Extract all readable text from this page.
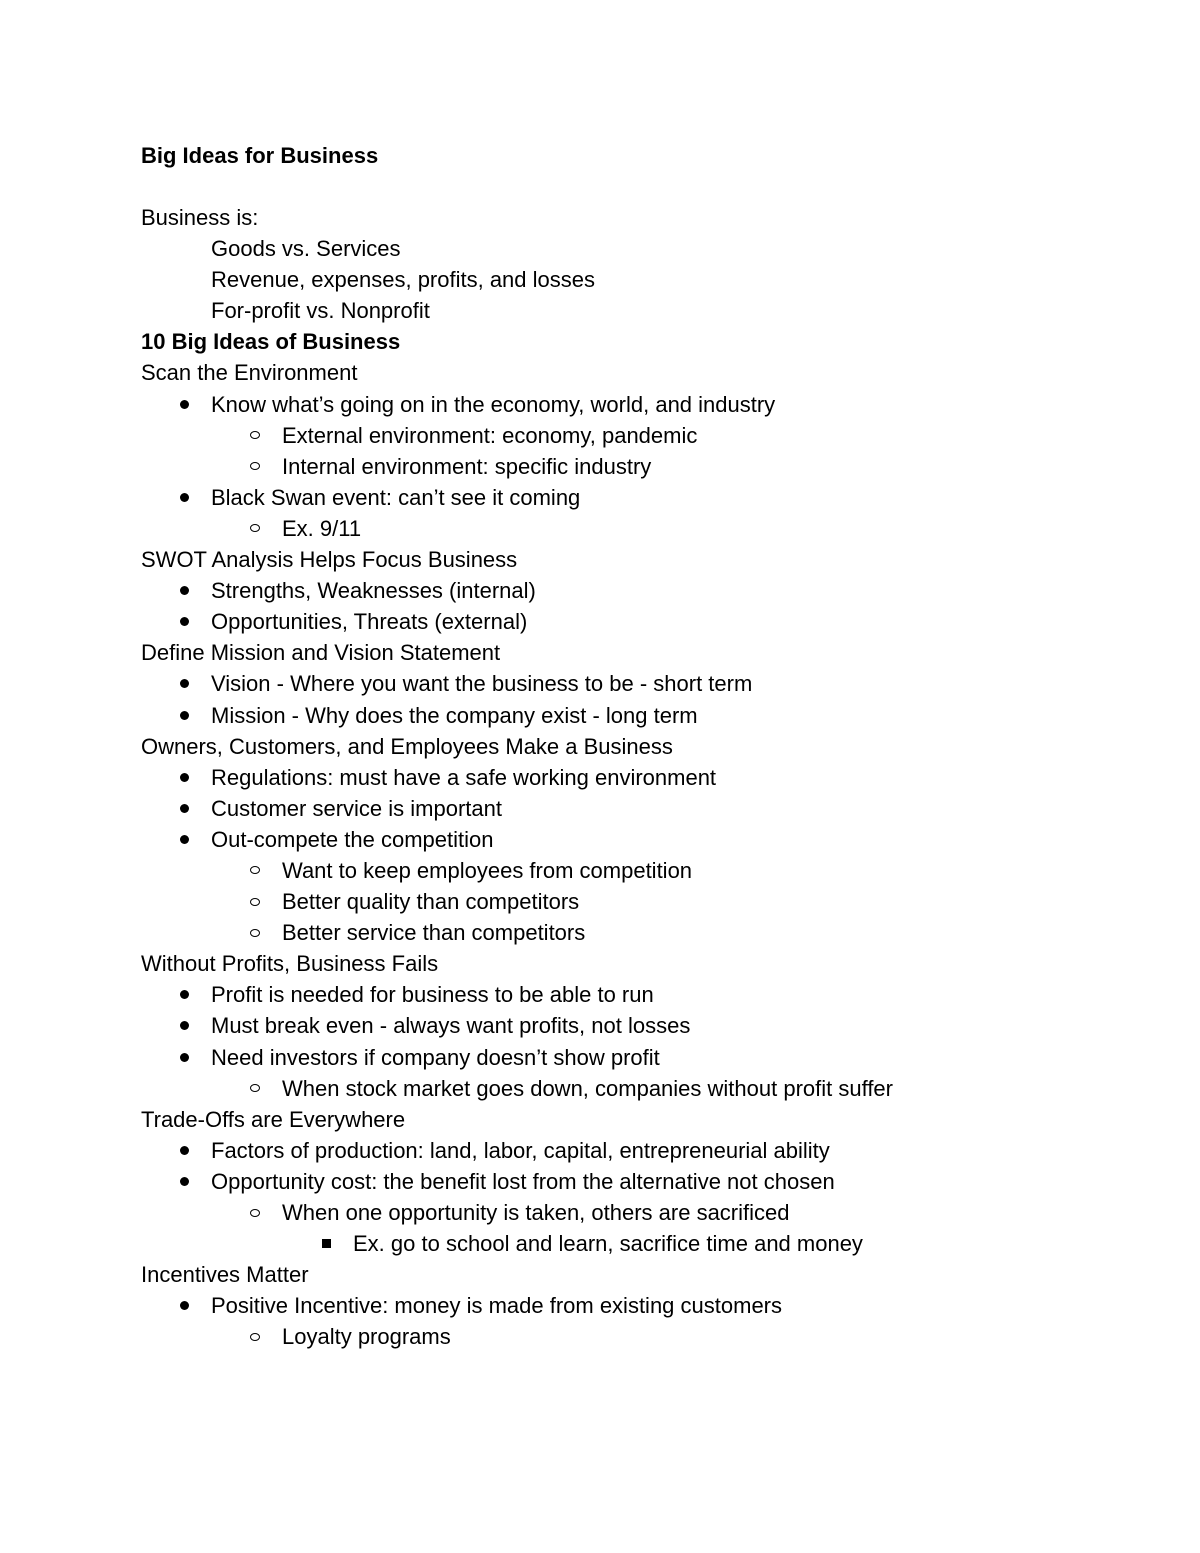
Big Ideas for Business
Business is:
Goods vs. Services
Revenue, expenses, profits, and losses
For-profit vs. Nonprofit
10 Big Ideas of Business
Scan the Environment
Know what’s going on in the economy, world, and industry
External environment: economy, pandemic
Internal environment: specific industry
Black Swan event: can’t see it coming
Ex. 9/11
SWOT Analysis Helps Focus Business
Strengths, Weaknesses (internal)
Opportunities, Threats (external)
Define Mission and Vision Statement
Vision - Where you want the business to be - short term
Mission - Why does the company exist - long term
Owners, Customers, and Employees Make a Business
Regulations: must have a safe working environment
Customer service is important
Out-compete the competition
Want to keep employees from competition
Better quality than competitors
Better service than competitors
Without Profits, Business Fails
Profit is needed for business to be able to run
Must break even - always want profits, not losses
Need investors if company doesn’t show profit
When stock market goes down, companies without profit suffer
Trade-Offs are Everywhere
Factors of production: land, labor, capital, entrepreneurial ability
Opportunity cost: the benefit lost from the alternative not chosen
When one opportunity is taken, others are sacrificed
Ex. go to school and learn, sacrifice time and money
Incentives Matter
Positive Incentive: money is made from existing customers
Loyalty programs
